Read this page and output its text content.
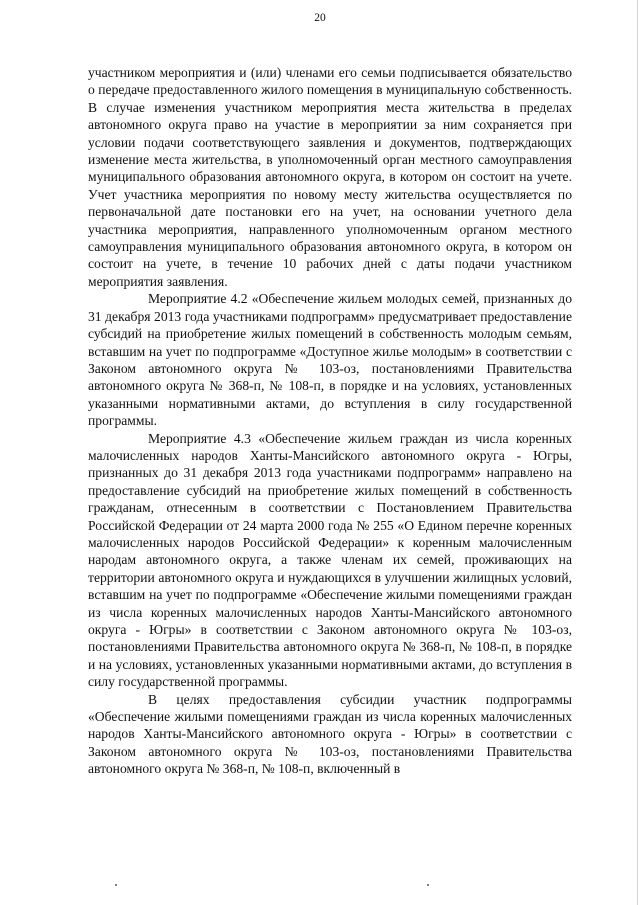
20

участником мероприятия и (или) членами его семьи подписывается обязательство о передаче предоставленного жилого помещения в муниципальную собственность. В случае изменения участником мероприятия места жительства в пределах автономного округа право на участие в мероприятии за ним сохраняется при условии подачи соответствующего заявления и документов, подтверждающих изменение места жительства, в уполномоченный орган местного самоуправления муниципального образования автономного округа, в котором он состоит на учете. Учет участника мероприятия по новому месту жительства осуществляется по первоначальной дате постановки его на учет, на основании учетного дела участника мероприятия, направленного уполномоченным органом местного самоуправления муниципального образования автономного округа, в котором он состоит на учете, в течение 10 рабочих дней с даты подачи участником мероприятия заявления.

Мероприятие 4.2 «Обеспечение жильем молодых семей, признанных до 31 декабря 2013 года участниками подпрограмм» предусматривает предоставление субсидий на приобретение жилых помещений в собственность молодым семьям, вставшим на учет по подпрограмме «Доступное жилье молодым» в соответствии с Законом автономного округа № 103-оз, постановлениями Правительства автономного округа № 368-п, № 108-п, в порядке и на условиях, установленных указанными нормативными актами, до вступления в силу государственной программы.

Мероприятие 4.3 «Обеспечение жильем граждан из числа коренных малочисленных народов Ханты-Мансийского автономного округа - Югры, признанных до 31 декабря 2013 года участниками подпрограмм» направлено на предоставление субсидий на приобретение жилых помещений в собственность гражданам, отнесенным в соответствии с Постановлением Правительства Российской Федерации от 24 марта 2000 года № 255 «О Едином перечне коренных малочисленных народов Российской Федерации» к коренным малочисленным народам автономного округа, а также членам их семей, проживающих на территории автономного округа и нуждающихся в улучшении жилищных условий, вставшим на учет по подпрограмме «Обеспечение жилыми помещениями граждан из числа коренных малочисленных народов Ханты-Мансийского автономного округа - Югры» в соответствии с Законом автономного округа № 103-оз, постановлениями Правительства автономного округа № 368-п, № 108-п, в порядке и на условиях, установленных указанными нормативными актами, до вступления в силу государственной программы.

В целях предоставления субсидии участник подпрограммы «Обеспечение жилыми помещениями граждан из числа коренных малочисленных народов Ханты-Мансийского автономного округа - Югры» в соответствии с Законом автономного округа № 103-оз, постановлениями Правительства автономного округа № 368-п, № 108-п, включенный в
